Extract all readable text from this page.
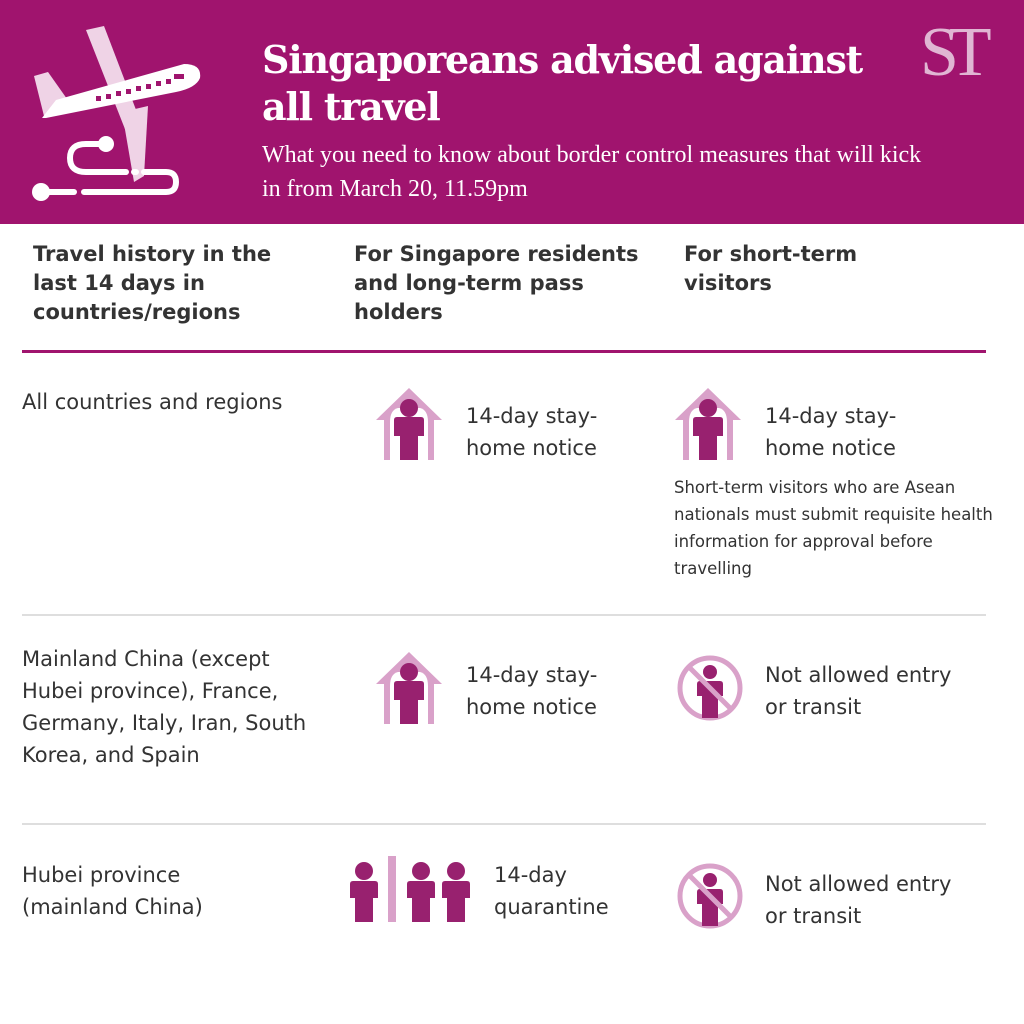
Singaporeans advised against all travel
What you need to know about border control measures that will kick in from March 20, 11.59pm
ST
Travel history in the last 14 days in countries/regions
For Singapore residents and long-term pass holders
For short-term visitors
All countries and regions
14-day stay-home notice
14-day stay-home notice
Short-term visitors who are Asean nationals must submit requisite health information for approval before travelling
Mainland China (except Hubei province), France, Germany, Italy, Iran, South Korea, and Spain
14-day stay-home notice
Not allowed entry or transit
Hubei province (mainland China)
14-day quarantine
Not allowed entry or transit
